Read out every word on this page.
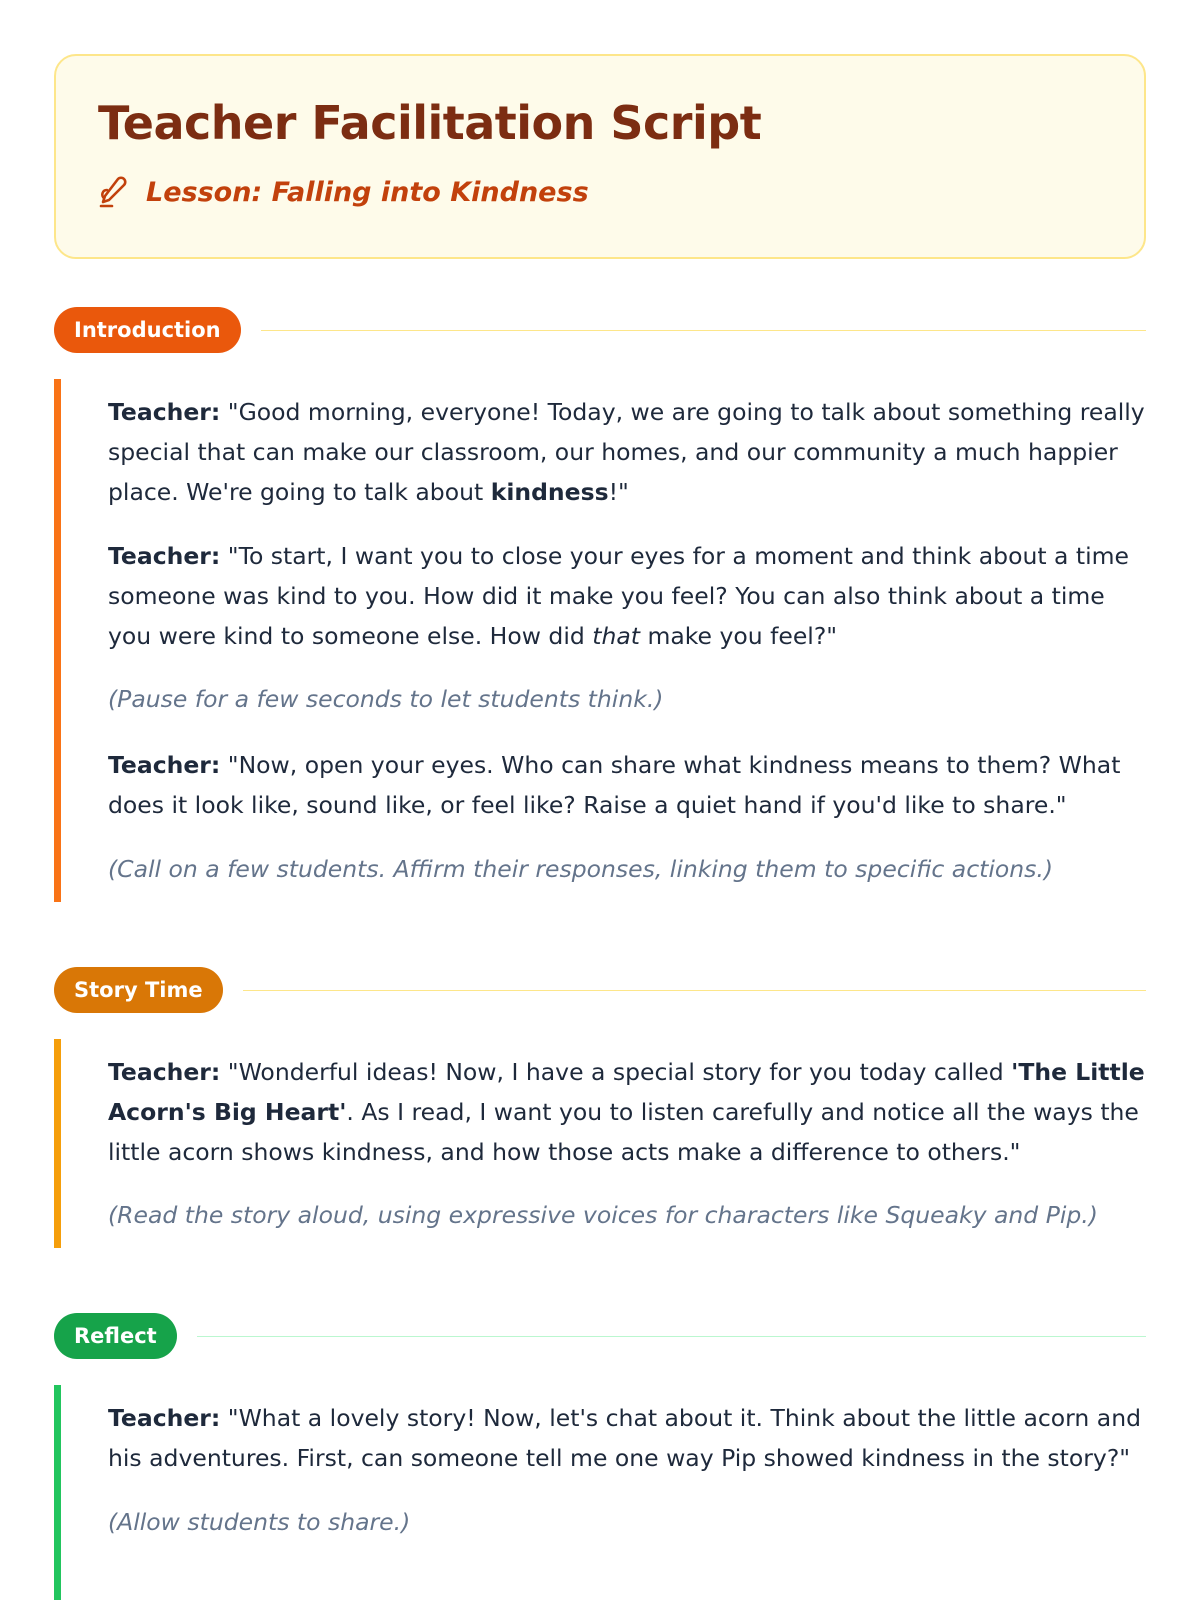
Teacher Facilitation Script
Lesson: Falling into Kindness
Introduction

Teacher: "Good morning, everyone! Today, we are going to talk about something really special that can make our classroom, our homes, and our community a much happier place. We're going to talk about kindness!"

Teacher: "To start, I want you to close your eyes for a moment and think about a time someone was kind to you. How did it make you feel? You can also think about a time you were kind to someone else. How did that make you feel?"

(Pause for a few seconds to let students think.)

Teacher: "Now, open your eyes. Who can share what kindness means to them? What does it look like, sound like, or feel like? Raise a quiet hand if you'd like to share."

(Call on a few students. Affirm their responses, linking them to specific actions.)

Story Time

Teacher: "Wonderful ideas! Now, I have a special story for you today called 'The Little Acorn's Big Heart'. As I read, I want you to listen carefully and notice all the ways the little acorn shows kindness, and how those acts make a difference to others."

(Read the story aloud, using expressive voices for characters like Squeaky and Pip.)

Reflect

Teacher: "What a lovely story! Now, let's chat about it. Think about the little acorn and his adventures. First, can someone tell me one way Pip showed kindness in the story?"

(Allow students to share.)
